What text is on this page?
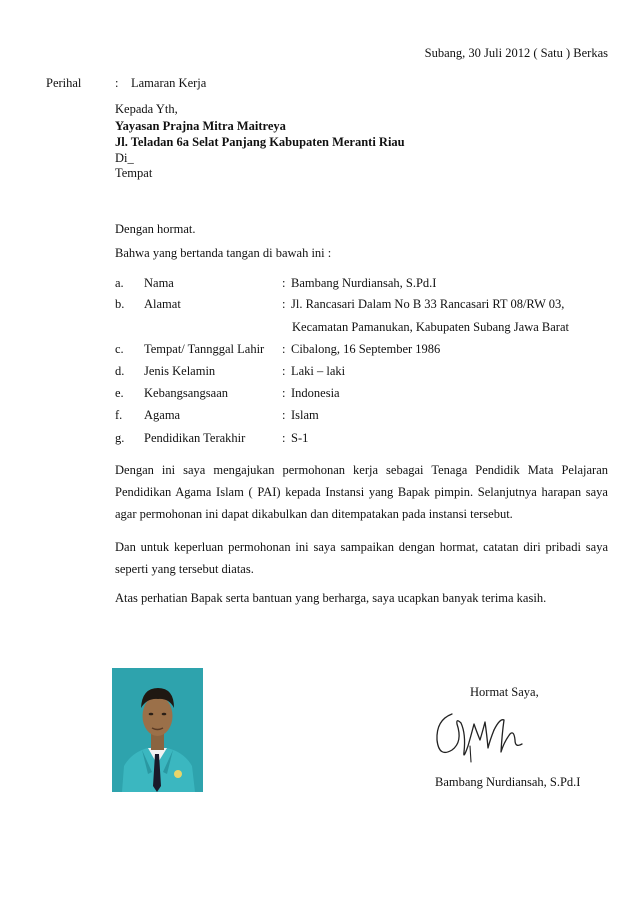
Subang, 30 Juli 2012 ( Satu ) Berkas
Perihal	: Lamaran Kerja
Kepada Yth,
Yayasan Prajna Mitra Maitreya
Jl. Teladan 6a Selat Panjang Kabupaten Meranti Riau
Di_
Tempat
Dengan hormat.
Bahwa yang bertanda tangan di bawah ini :
a. Nama	: Bambang Nurdiansah, S.Pd.I
b. Alamat	: Jl. Rancasari Dalam No B 33 Rancasari RT 08/RW 03,
Kecamatan Pamanukan, Kabupaten Subang Jawa Barat
c. Tempat/ Tannggal Lahir : Cibalong, 16 September 1986
d. Jenis Kelamin	: Laki – laki
e. Kebangsangsaan	: Indonesia
f. Agama	: Islam
g. Pendidikan Terakhir	: S-1
Dengan ini saya mengajukan permohonan kerja sebagai Tenaga Pendidik Mata Pelajaran Pendidikan Agama Islam ( PAI) kepada Instansi yang Bapak pimpin. Selanjutnya harapan saya agar permohonan ini dapat dikabulkan dan ditempatakan pada instansi tersebut.
Dan untuk keperluan permohonan ini saya sampaikan dengan hormat, catatan diri pribadi saya seperti yang tersebut diatas.
Atas perhatian Bapak serta bantuan yang berharga, saya ucapkan banyak terima kasih.
Hormat Saya,
Bambang Nurdiansah, S.Pd.I
